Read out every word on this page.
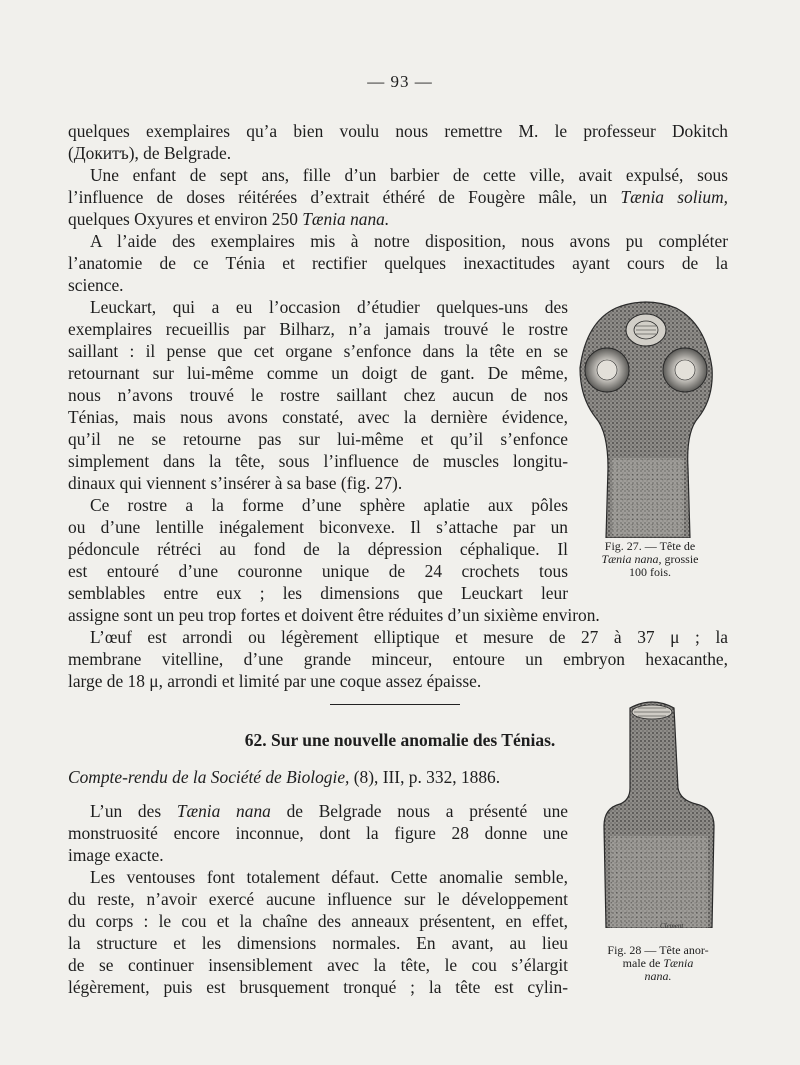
— 93 —
quelques exemplaires qu’a bien voulu nous remettre M. le professeur Dokitch
(Докитъ), de Belgrade.
Une enfant de sept ans, fille d’un barbier de cette ville, avait expulsé, sous
l’influence de doses réitérées d’extrait éthéré de Fougère mâle, un Tænia solium,
quelques Oxyures et environ 250 Tænia nana.
A l’aide des exemplaires mis à notre disposition, nous avons pu compléter
l’anatomie de ce Ténia et rectifier quelques inexactitudes ayant cours de la
science.
Leuckart, qui a eu l’occasion d’étudier quelques-uns des
exemplaires recueillis par Bilharz, n’a jamais trouvé le rostre
saillant : il pense que cet organe s’enfonce dans la tête en se
retournant sur lui-même comme un doigt de gant. De même,
nous n’avons trouvé le rostre saillant chez aucun de nos
Ténias, mais nous avons constaté, avec la dernière évidence,
qu’il ne se retourne pas sur lui-même et qu’il s’enfonce
simplement dans la tête, sous l’influence de muscles longitu-
dinaux qui viennent s’insérer à sa base (fig. 27).
Ce rostre a la forme d’une sphère aplatie aux pôles
ou d’une lentille inégalement biconvexe. Il s’attache par un
pédoncule rétréci au fond de la dépression céphalique. Il
est entouré d’une couronne unique de 24 crochets tous
semblables entre eux ; les dimensions que Leuckart leur
assigne sont un peu trop fortes et doivent être réduites d’un sixième environ.
L’œuf est arrondi ou légèrement elliptique et mesure de 27 à 37 μ ; la
membrane vitelline, d’une grande minceur, entoure un embryon hexacanthe,
large de 18 μ, arrondi et limité par une coque assez épaisse.
62. Sur une nouvelle anomalie des Ténias.
Compte-rendu de la Société de Biologie, (8), III, p. 332, 1886.
L’un des Tænia nana de Belgrade nous a présenté une
monstruosité encore inconnue, dont la figure 28 donne une
image exacte.
Les ventouses font totalement défaut. Cette anomalie semble,
du reste, n’avoir exercé aucune influence sur le développement
du corps : le cou et la chaîne des anneaux présentent, en effet,
la structure et les dimensions normales. En avant, au lieu
de se continuer insensiblement avec la tête, le cou s’élargit
légèrement, puis est brusquement tronqué ; la tête est cylin-
Fig. 27. — Tête de
Tænia nana, grossie
100 fois.
Clement
Fig. 28 — Tête anor-
male de Tænia
nana.
